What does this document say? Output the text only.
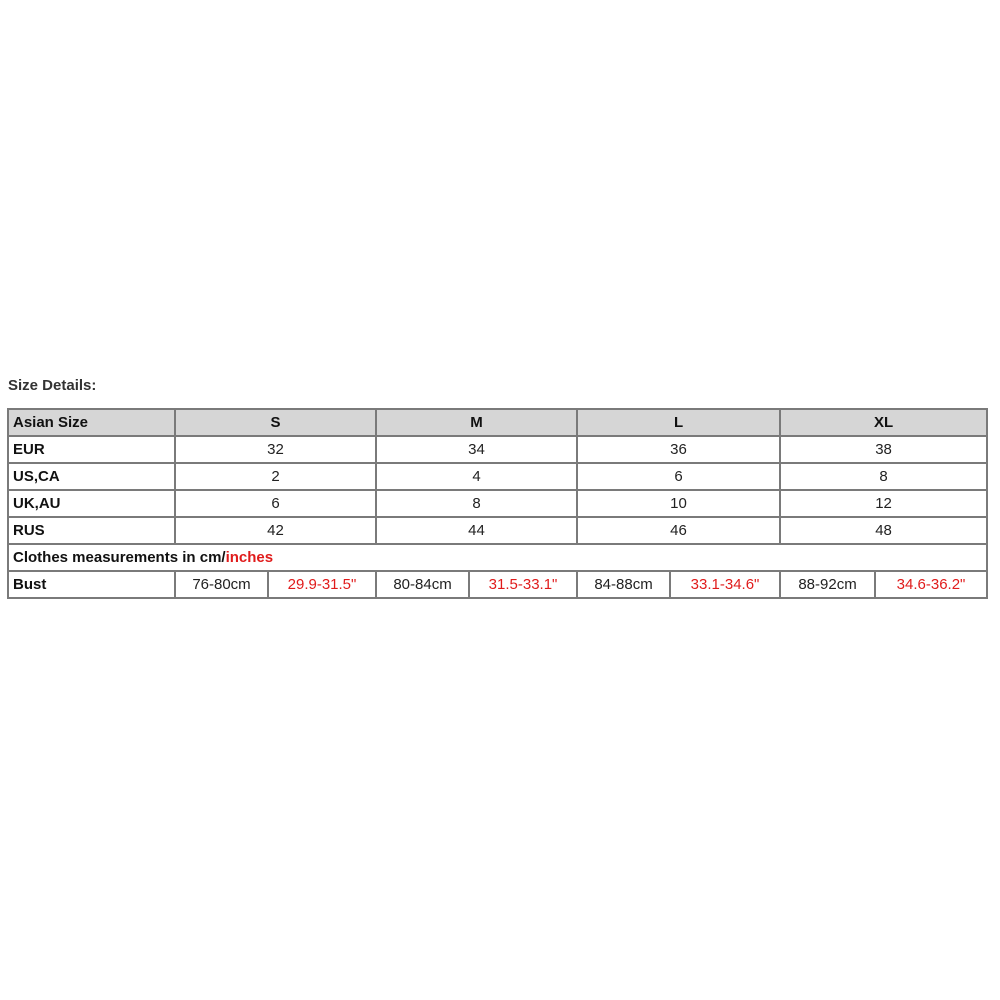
Size Details:
Asian Size	S		M		L		XL	
EUR	32		34		36		38	
US,CA	2		4		6		8	
UK,AU	6		8		10		12	
RUS	42		44		46		48	
Clothes measurements in cm/inches								
Bust	76-80cm	29.9-31.5"	80-84cm	31.5-33.1"	84-88cm	33.1-34.6"	88-92cm	34.6-36.2"
